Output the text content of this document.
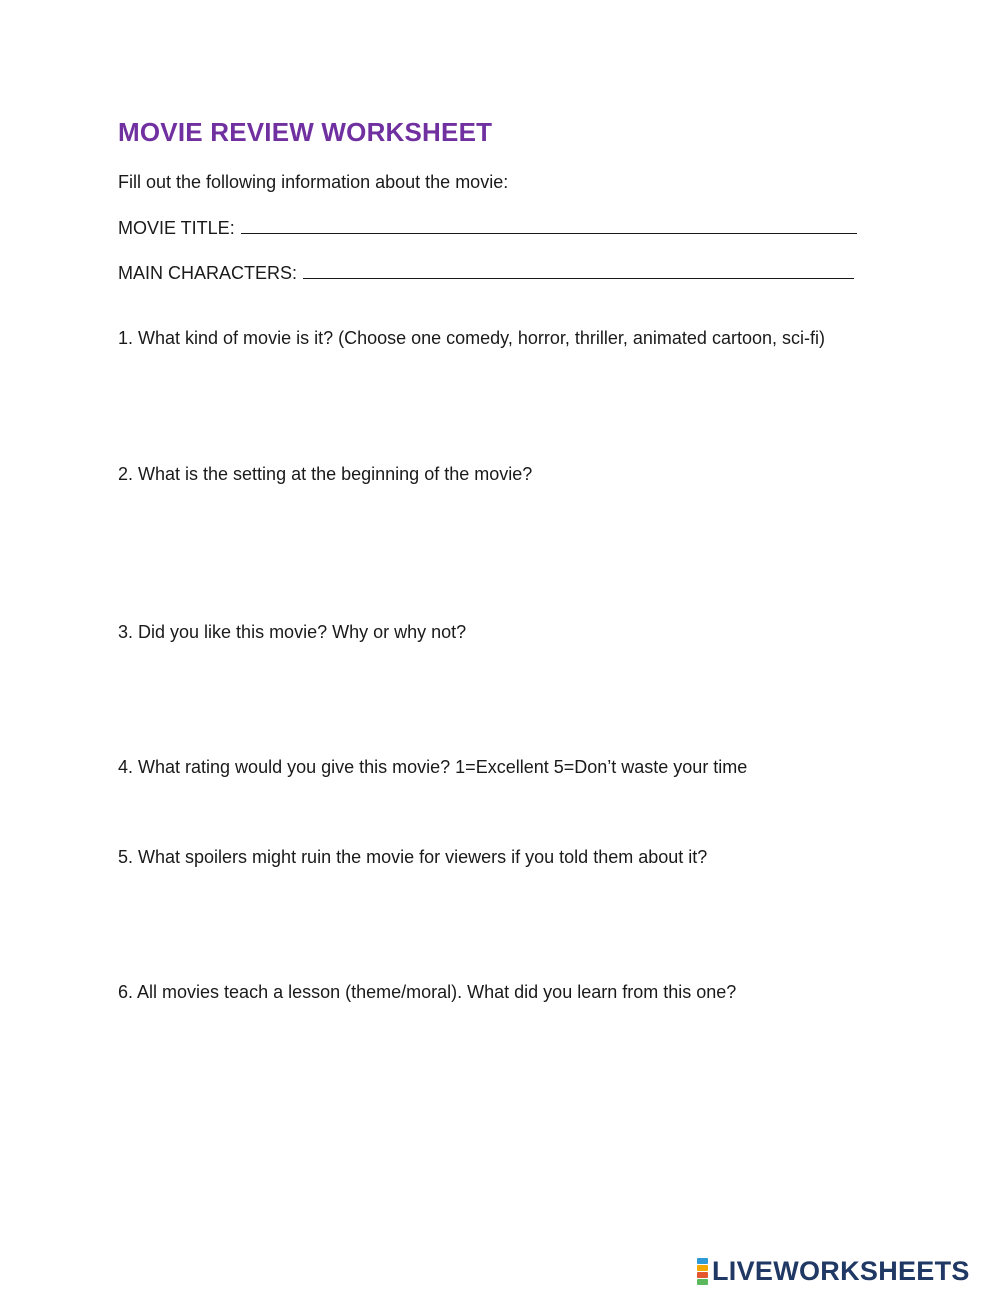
MOVIE REVIEW WORKSHEET

Fill out the following information about the movie:

MOVIE TITLE:

MAIN CHARACTERS:

1. What kind of movie is it? (Choose one comedy, horror, thriller, animated cartoon, sci-fi)

2. What is the setting at the beginning of the movie?

3. Did you like this movie? Why or why not?

4. What rating would you give this movie? 1=Excellent 5=Don’t waste your time

5. What spoilers might ruin the movie for viewers if you told them about it?

6. All movies teach a lesson (theme/moral). What did you learn from this one?

LIVEWORKSHEETS
